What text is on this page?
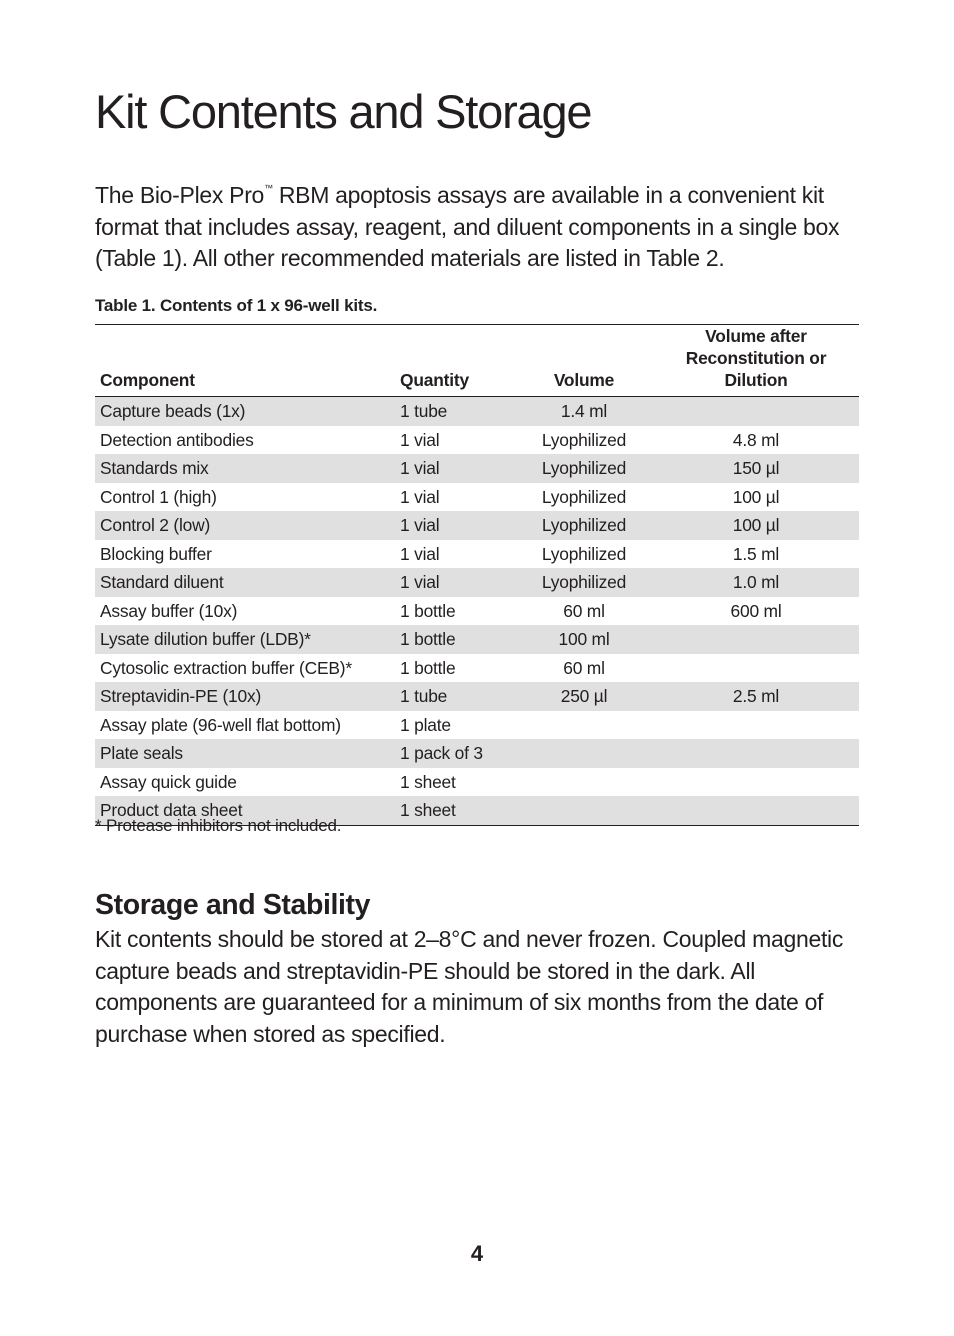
Kit Contents and Storage

The Bio-Plex Pro™ RBM apoptosis assays are available in a convenient kit format that includes assay, reagent, and diluent components in a single box (Table 1). All other recommended materials are listed in Table 2.

Table 1. Contents of 1 x 96-well kits.

Component	Quantity	Volume	Volume after
Reconstitution or Dilution
Capture beads (1x)	1 tube	1.4 ml	
Detection antibodies	1 vial	Lyophilized	4.8 ml
Standards mix	1 vial	Lyophilized	150 µl
Control 1 (high)	1 vial	Lyophilized	100 µl
Control 2 (low)	1 vial	Lyophilized	100 µl
Blocking buffer	1 vial	Lyophilized	1.5 ml
Standard diluent	1 vial	Lyophilized	1.0 ml
Assay buffer (10x)	1 bottle	60 ml	600 ml
Lysate dilution buffer (LDB)*	1 bottle	100 ml	
Cytosolic extraction buffer (CEB)*	1 bottle	60 ml	
Streptavidin-PE (10x)	1 tube	250 µl	2.5 ml
Assay plate (96-well flat bottom)	1 plate		
Plate seals	1 pack of 3		
Assay quick guide	1 sheet		
Product data sheet	1 sheet		

* Protease inhibitors not included.

Storage and Stability

Kit contents should be stored at 2–8°C and never frozen. Coupled magnetic capture beads and streptavidin-PE should be stored in the dark. All components are guaranteed for a minimum of six months from the date of purchase when stored as specified.

4
